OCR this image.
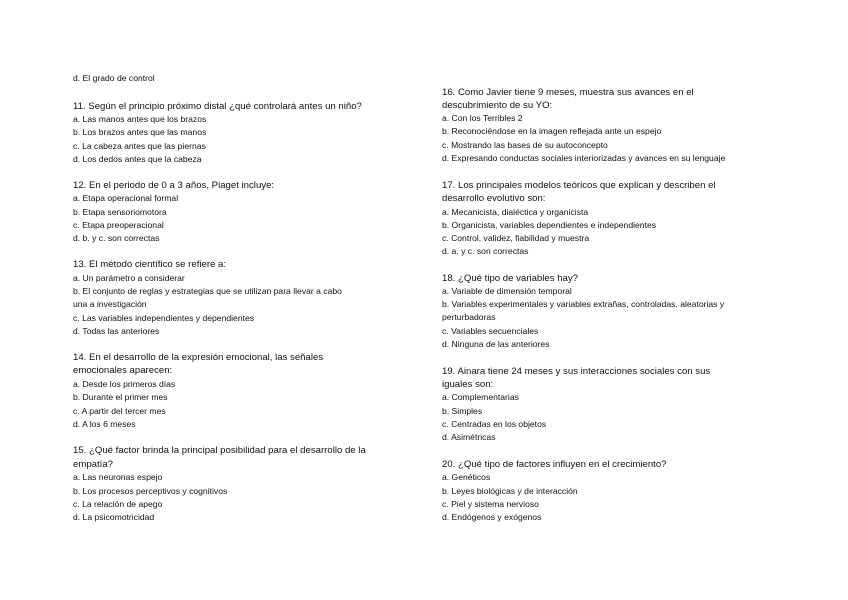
d. El grado de control
11. Según el principio próximo distal ¿qué controlará antes un niño?
a. Las manos antes que los brazos
b. Los brazos antes que las manos
c. La cabeza antes que las piernas
d. Los dedos antes que la cabeza
12. En el periodo de 0 a 3 años, Piaget incluye:
a. Etapa operacional formal
b. Etapa sensoriomotora
c. Etapa preoperacional
d. b. y c. son correctas
13. El método científico se refiere a:
a. Un parámetro a considerar
b. El conjunto de reglas y estrategias que se utilizan para llevar a cabo
una a investigación
c. Las variables independientes y dependientes
d. Todas las anteriores
14. En el desarrollo de la expresión emocional, las señales
emocionales aparecen:
a. Desde los primeros días
b. Durante el primer mes
c. A partir del tercer mes
d. A los 6 meses
15. ¿Qué factor brinda la principal posibilidad para el desarrollo de la
empatía?
a. Las neuronas espejo
b. Los procesos perceptivos y cognitivos
c. La relación de apego
d. La psicomotricidad
16. Como Javier tiene 9 meses, muestra sus avances en el
descubrimiento de su YO:
a. Con los Terribles 2
b. Reconociéndose en la imagen reflejada ante un espejo
c. Mostrando las bases de su autoconcepto
d. Expresando conductas sociales interiorizadas y avances en su lenguaje
17. Los principales modelos teóricos que explican y describen el
desarrollo evolutivo son:
a. Mecanicista, dialéctica y organicista
b. Organicista, variables dependientes e independientes
c. Control, validez, fiabilidad y muestra
d. a. y c. son correctas
18. ¿Qué tipo de variables hay?
a. Variable de dimensión temporal
b. Variables experimentales y variables extrañas, controladas, aleatorias y
perturbadoras
c. Variables secuenciales
d. Ninguna de las anteriores
19. Ainara tiene 24 meses y sus interacciones sociales con sus
iguales son:
a. Complementarias
b. Simples
c. Centradas en los objetos
d. Asimétricas
20. ¿Qué tipo de factores influyen en el crecimiento?
a. Genéticos
b. Leyes biológicas y de interacción
c. Piel y sistema nervioso
d. Endógenos y exógenos
